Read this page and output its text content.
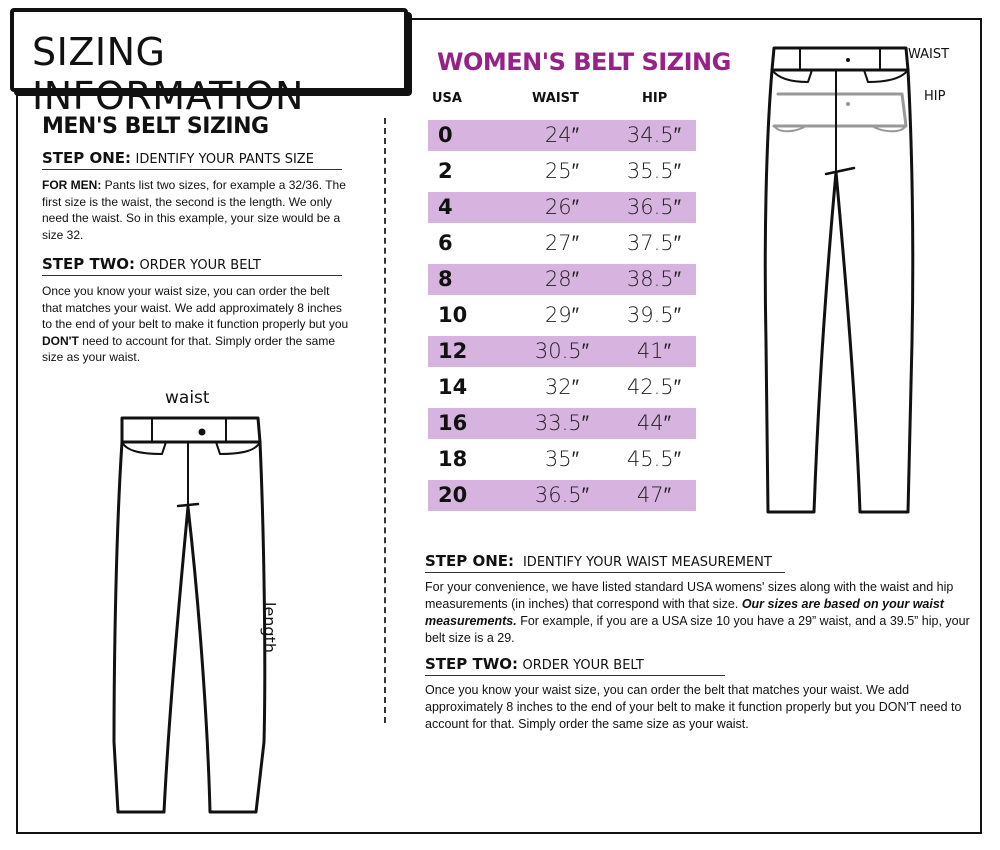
SIZING INFORMATION
MEN'S BELT SIZING
STEP ONE: IDENTIFY YOUR PANTS SIZE
FOR MEN: Pants list two sizes, for example a 32/36. The first size is the waist, the second is the length. We only need the waist. So in this example, your size would be a size 32.
STEP TWO: ORDER YOUR BELT
Once you know your waist size, you can order the belt that matches your waist. We add approximately 8 inches to the end of your belt to make it function properly but you DON'T need to account for that. Simply order the same size as your waist.
waist
length
WOMEN'S BELT SIZING
USA	WAIST	HIP
0	24″	34.5″
2	25″	35.5″
4	26″	36.5″
6	27″	37.5″
8	28″	38.5″
10	29″	39.5″
12	30.5″	41″
14	32″	42.5″
16	33.5″	44″
18	35″	45.5″
20	36.5″	47″
WAIST
HIP
STEP ONE: IDENTIFY YOUR WAIST MEASUREMENT
For your convenience, we have listed standard USA womens' sizes along with the waist and hip measurements (in inches) that correspond with that size. Our sizes are based on your waist measurements. For example, if you are a USA size 10 you have a 29” waist, and a 39.5” hip, your belt size is a 29.
STEP TWO: ORDER YOUR BELT
Once you know your waist size, you can order the belt that matches your waist. We add approximately 8 inches to the end of your belt to make it function properly but you DON'T need to account for that. Simply order the same size as your waist.
